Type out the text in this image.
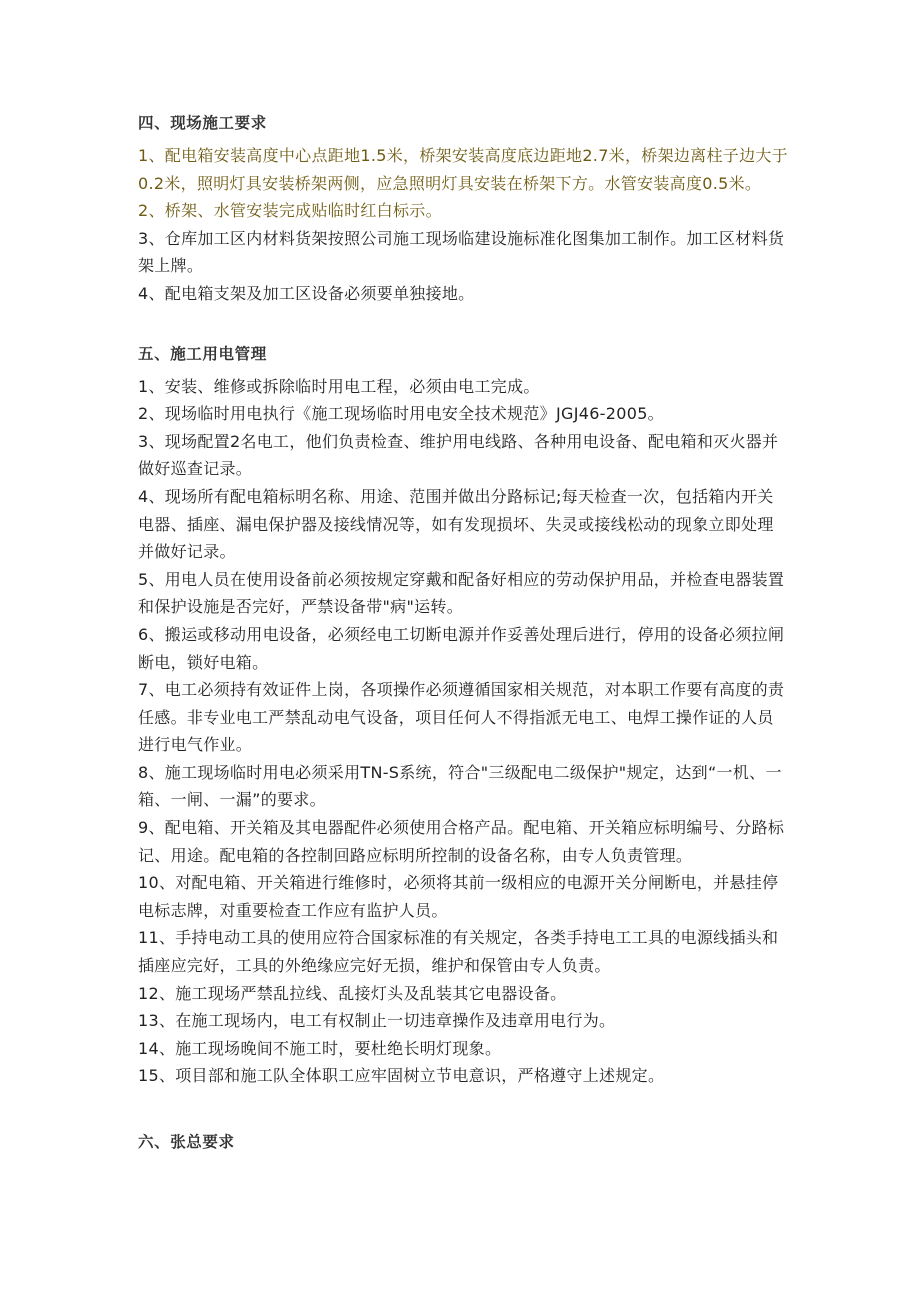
四、现场施工要求

1、配电箱安装高度中心点距地1.5米，桥架安装高度底边距地2.7米，桥架边离柱子边大于0.2米，照明灯具安装桥架两侧，应急照明灯具安装在桥架下方。水管安装高度0.5米。

2、桥架、水管安装完成贴临时红白标示。

3、仓库加工区内材料货架按照公司施工现场临建设施标准化图集加工制作。加工区材料货架上牌。

4、配电箱支架及加工区设备必须要单独接地。

五、施工用电管理

1、安装、维修或拆除临时用电工程，必须由电工完成。

2、现场临时用电执行《施工现场临时用电安全技术规范》JGJ46-2005。

3、现场配置2名电工，他们负责检查、维护用电线路、各种用电设备、配电箱和灭火器并做好巡查记录。

4、现场所有配电箱标明名称、用途、范围并做出分路标记;每天检查一次，包括箱内开关电器、插座、漏电保护器及接线情况等，如有发现损坏、失灵或接线松动的现象立即处理并做好记录。

5、用电人员在使用设备前必须按规定穿戴和配备好相应的劳动保护用品，并检查电器装置和保护设施是否完好，严禁设备带"病"运转。

6、搬运或移动用电设备，必须经电工切断电源并作妥善处理后进行，停用的设备必须拉闸断电，锁好电箱。

7、电工必须持有效证件上岗，各项操作必须遵循国家相关规范，对本职工作要有高度的责任感。非专业电工严禁乱动电气设备，项目任何人不得指派无电工、电焊工操作证的人员进行电气作业。

8、施工现场临时用电必须采用TN-S系统，符合"三级配电二级保护"规定，达到“一机、一箱、一闸、一漏”的要求。

9、配电箱、开关箱及其电器配件必须使用合格产品。配电箱、开关箱应标明编号、分路标记、用途。配电箱的各控制回路应标明所控制的设备名称，由专人负责管理。

10、对配电箱、开关箱进行维修时，必须将其前一级相应的电源开关分闸断电，并悬挂停电标志牌，对重要检查工作应有监护人员。

11、手持电动工具的使用应符合国家标准的有关规定，各类手持电工工具的电源线插头和插座应完好，工具的外绝缘应完好无损，维护和保管由专人负责。

12、施工现场严禁乱拉线、乱接灯头及乱装其它电器设备。

13、在施工现场内，电工有权制止一切违章操作及违章用电行为。

14、施工现场晚间不施工时，要杜绝长明灯现象。

15、项目部和施工队全体职工应牢固树立节电意识，严格遵守上述规定。

六、张总要求
